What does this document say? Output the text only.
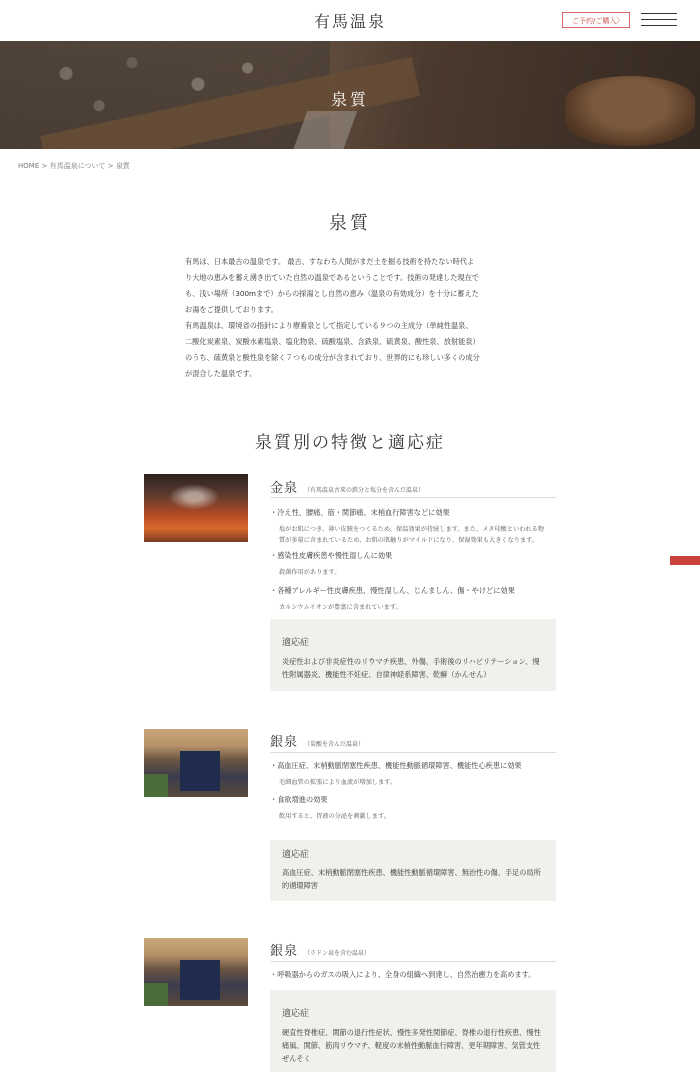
有馬温泉	ご予約/ご購入 〉
泉質
HOME > 有馬温泉について > 泉質
泉質

有馬は、日本最古の温泉です。 最古、すなわち人間がまだ土を掘る技術を持たない時代よ

り大地の恵みを蓄え湧き出ていた自然の温泉であるということです。技術の発達した現在で

も、浅い場所（300mまで）からの採湯とし自然の恵み（温泉の有効成分）を十分に蓄えた

お湯をご提供しております。

有馬温泉は、環境省の指針により療養泉として指定している９つの主成分（単純性温泉、

二酸化炭素泉、炭酸水素塩泉、塩化物泉、硫酸塩泉、含鉄泉、硫黄泉、酸性泉、放射能泉）

のうち、硫黄泉と酸性泉を除く７つもの成分が含まれており、世界的にも珍しい多くの成分

が混合した温泉です。

泉質別の特徴と適応症
金泉 （有馬温泉古来の鉄分と塩分を含んだ温泉）
・冷え性、腰痛、筋・関節痛、末梢血行障害などに効果
塩がお肌につき、薄い皮膜をつくるため、保温効果が持続します。また、メタ珪酸といわれる物
質が多量に含まれているため、お肌の肌触りがマイルドになり、保湿効果も大きくなります。
・感染性皮膚疾患や慢性湿しんに効果
殺菌作用があります。
・各種アレルギー性皮膚疾患、慢性湿しん、じんましん、傷・やけどに効果
カルシウムイオンが豊富に含まれています。
適応症
炎症性および非炎症性のリウマチ疾患、外傷、手術後のリハビリテーション、慢
性附属器炎、機能性不妊症、自律神経系障害、乾癬（かんせん）
銀泉 （炭酸を含んだ温泉）
・高血圧症、末梢動脈閉塞性疾患、機能性動脈循環障害、機能性心疾患に効果
毛細血管の拡張により血流が増加します。
・食欲増進の効果
飲用すると、胃液の分泌を刺激します。
適応症
高血圧症、末梢動脈閉塞性疾患、機能性動脈循環障害、無治性の傷、手足の局所
的循環障害
銀泉 （ラドン泉を含む温泉）
・呼吸器からのガスの吸入により、全身の組織へ到達し、自然治癒力を高めます。
適応症
硬直性脊椎症、関節の退行性症状、慢性多発性関節症、脊椎の退行性疾患、慢性
痛風、関節、筋肉リウマチ、軽度の末梢性動脈血行障害、更年期障害、気管支性
ぜんそく
